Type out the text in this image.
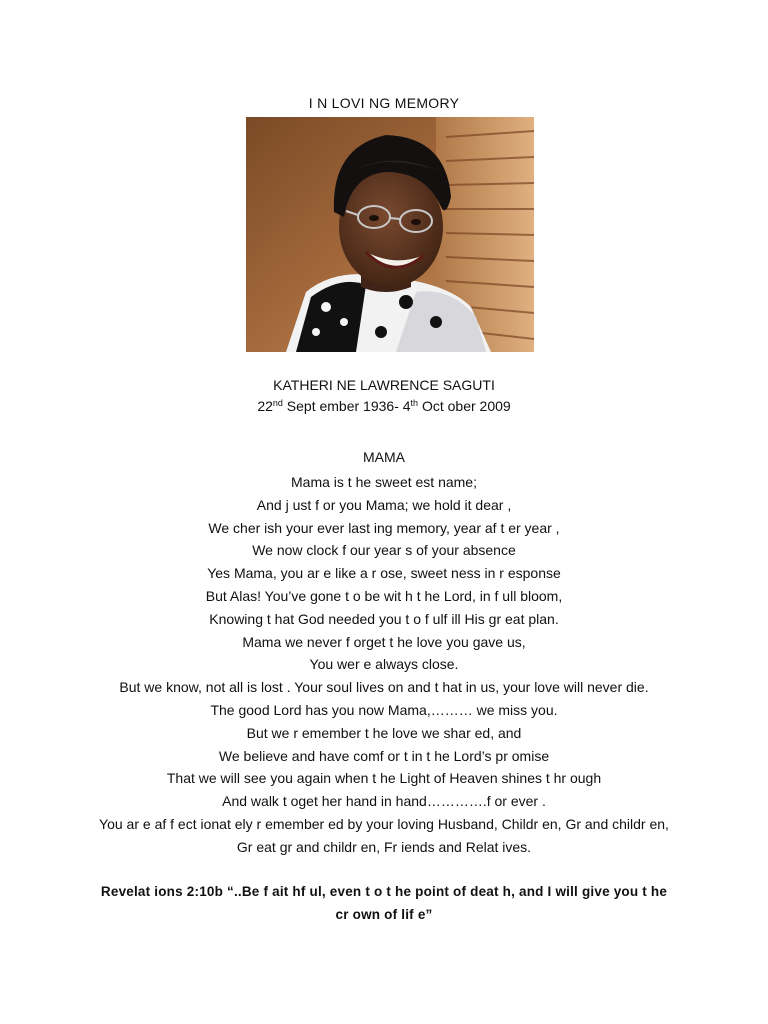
I N LOVI NG MEMORY
KATHERI NE LAWRENCE SAGUTI
22nd Sept ember 1936- 4th Oct ober 2009
MAMA
Mama is t he sweet est name;
And j ust f or you Mama; we hold it dear ,
We cher ish your ever last ing memory, year af t er year ,
We now clock f our year s of your absence
Yes Mama, you ar e like a r ose, sweet ness in r esponse
But Alas! You’ve gone t o be wit h t he Lord, in f ull bloom,
Knowing t hat God needed you t o f ulf ill His gr eat plan.
Mama we never f orget t he love you gave us,
You wer e always close.
But we know, not all is lost . Your soul lives on and t hat in us, your love will never die.
The good Lord has you now Mama,……… we miss you.
But we r emember t he love we shar ed, and
We believe and have comf or t in t he Lord’s pr omise
That we will see you again when t he Light of Heaven shines t hr ough
And walk t oget her hand in hand………….f or ever .
You ar e af f ect ionat ely r emember ed by your loving Husband, Childr en, Gr and childr en,
Gr eat gr and childr en, Fr iends and Relat ives.
Revelat ions 2:10b “..Be f ait hf ul, even t o t he point of deat h, and I will give you t he
cr own of lif e”
